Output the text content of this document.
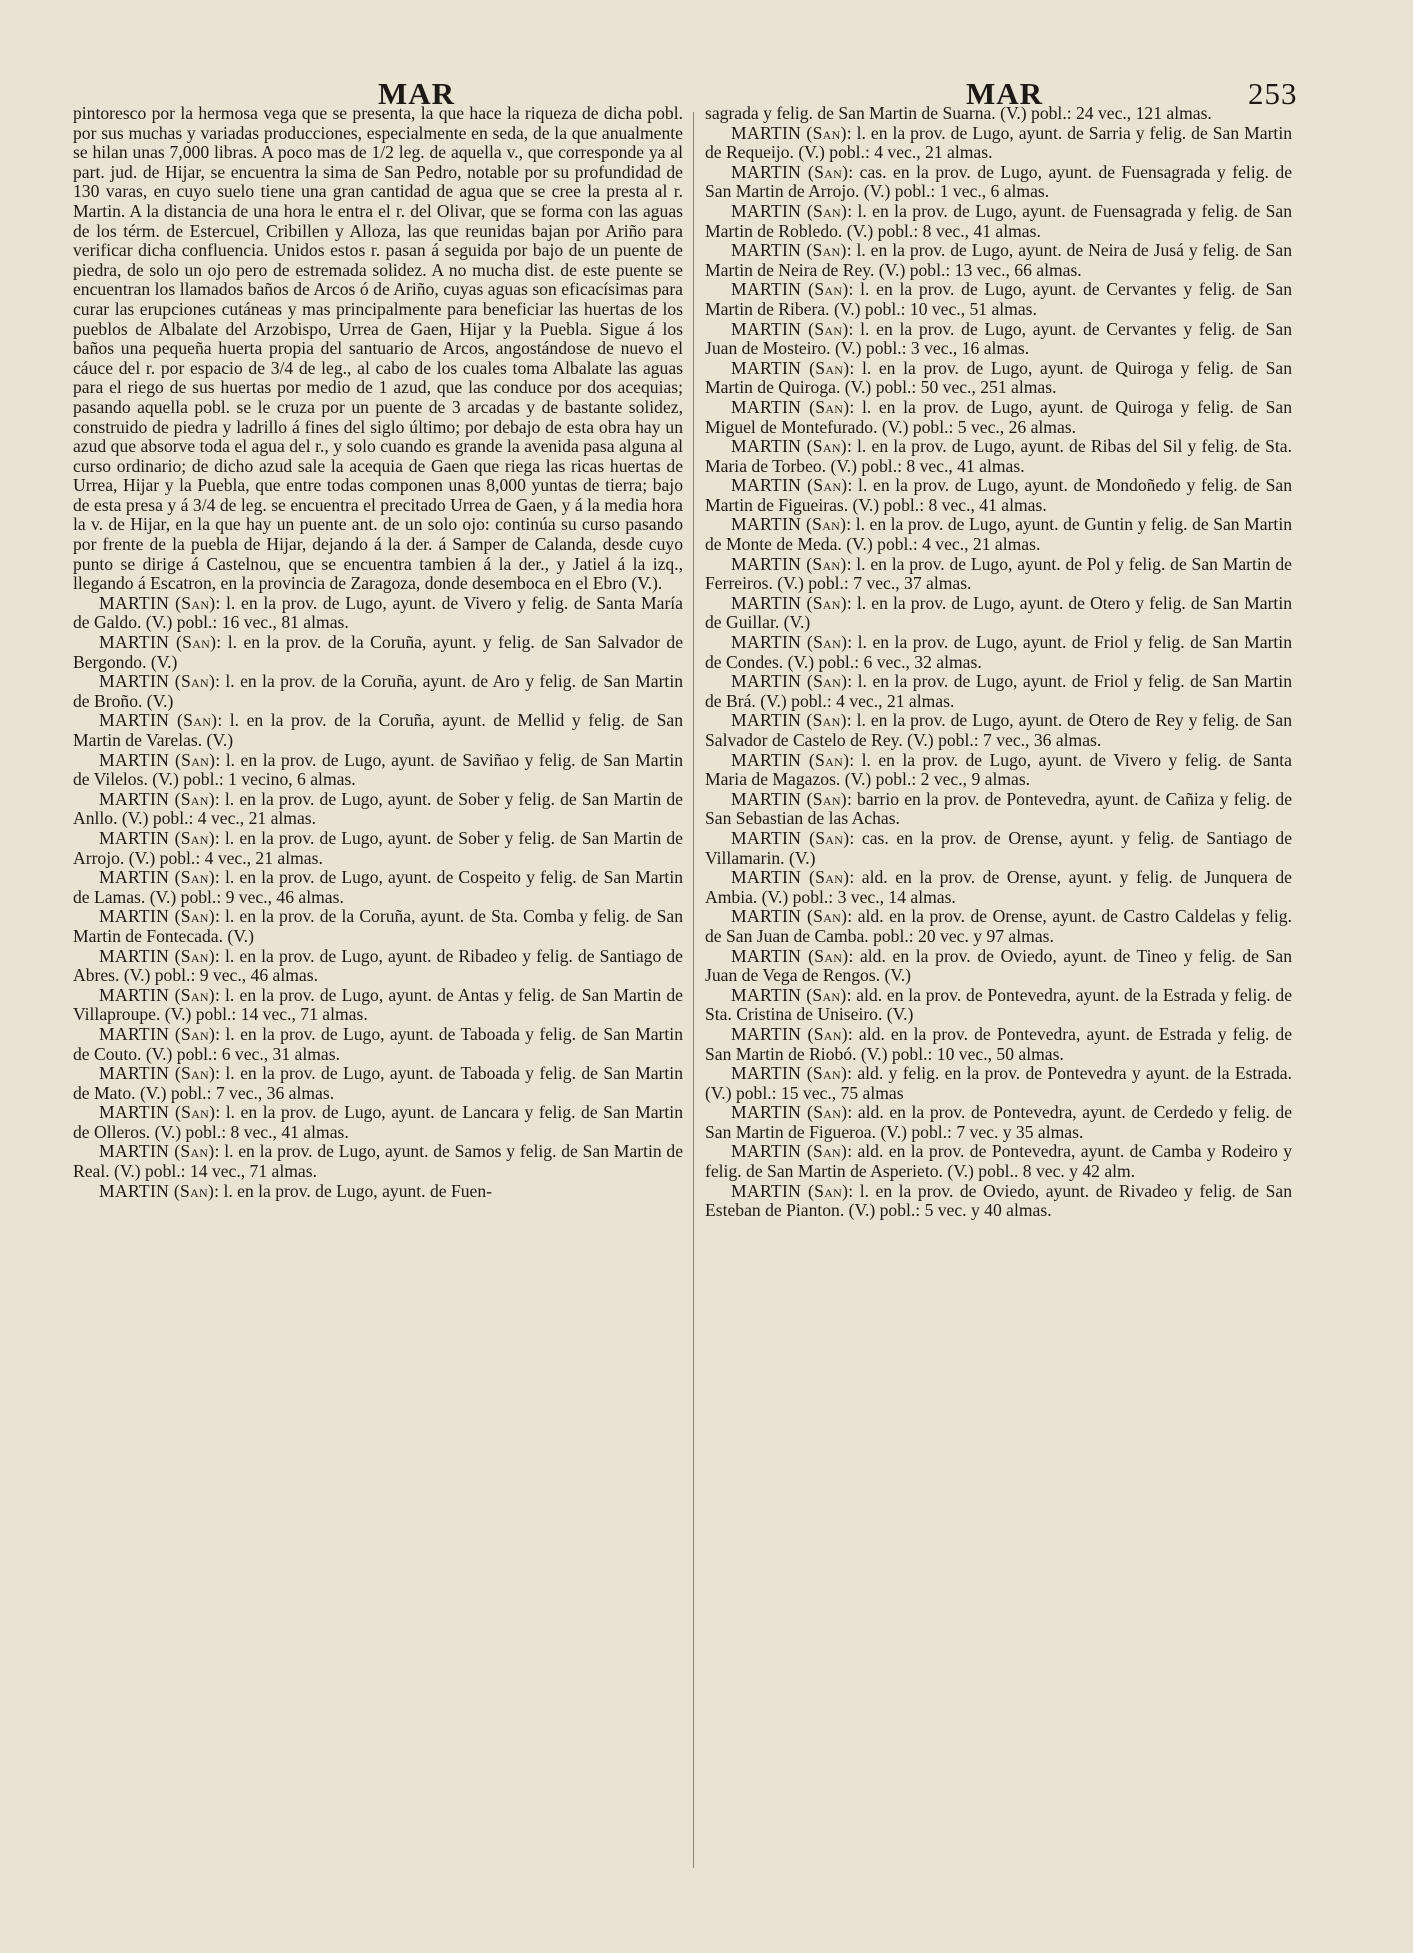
MAR	MAR	253

pintoresco por la hermosa vega que se presenta, la que hace la riqueza de dicha pobl. por sus muchas y variadas producciones, especialmente en seda, de la que anualmente se hilan unas 7,000 libras. A poco mas de 1/2 leg. de aquella v., que corresponde ya al part. jud. de Hijar, se encuentra la sima de San Pedro, notable por su profundidad de 130 varas, en cuyo suelo tiene una gran cantidad de agua que se cree la presta al r. Martin. A la distancia de una hora le entra el r. del Olivar, que se forma con las aguas de los térm. de Estercuel, Cribillen y Alloza, las que reunidas bajan por Ariño para verificar dicha confluencia. Unidos estos r. pasan á seguida por bajo de un puente de piedra, de solo un ojo pero de estremada solidez. A no mucha dist. de este puente se encuentran los llamados baños de Arcos ó de Ariño, cuyas aguas son eficacísimas para curar las erupciones cutáneas y mas principalmente para beneficiar las huertas de los pueblos de Albalate del Arzobispo, Urrea de Gaen, Hijar y la Puebla. Sigue á los baños una pequeña huerta propia del santuario de Arcos, angostándose de nuevo el cáuce del r. por espacio de 3/4 de leg., al cabo de los cuales toma Albalate las aguas para el riego de sus huertas por medio de 1 azud, que las conduce por dos acequias; pasando aquella pobl. se le cruza por un puente de 3 arcadas y de bastante solidez, construido de piedra y ladrillo á fines del siglo último; por debajo de esta obra hay un azud que absorve toda el agua del r., y solo cuando es grande la avenida pasa alguna al curso ordinario; de dicho azud sale la acequia de Gaen que riega las ricas huertas de Urrea, Hijar y la Puebla, que entre todas componen unas 8,000 yuntas de tierra; bajo de esta presa y á 3/4 de leg. se encuentra el precitado Urrea de Gaen, y á la media hora la v. de Hijar, en la que hay un puente ant. de un solo ojo: continúa su curso pasando por frente de la puebla de Hijar, dejando á la der. á Samper de Calanda, desde cuyo punto se dirige á Castelnou, que se encuentra tambien á la der., y Jatiel á la izq., llegando á Escatron, en la provincia de Zaragoza, donde desemboca en el Ebro (V.).

MARTIN (San): l. en la prov. de Lugo, ayunt. de Vivero y felig. de Santa María de Galdo. (V.) pobl.: 16 vec., 81 almas.

MARTIN (San): l. en la prov. de la Coruña, ayunt. y felig. de San Salvador de Bergondo. (V.)

MARTIN (San): l. en la prov. de la Coruña, ayunt. de Aro y felig. de San Martin de Broño. (V.)

MARTIN (San): l. en la prov. de la Coruña, ayunt. de Mellid y felig. de San Martin de Varelas. (V.)

MARTIN (San): l. en la prov. de Lugo, ayunt. de Saviñao y felig. de San Martin de Vilelos. (V.) pobl.: 1 vecino, 6 almas.

MARTIN (San): l. en la prov. de Lugo, ayunt. de Sober y felig. de San Martin de Anllo. (V.) pobl.: 4 vec., 21 almas.

MARTIN (San): l. en la prov. de Lugo, ayunt. de Sober y felig. de San Martin de Arrojo. (V.) pobl.: 4 vec., 21 almas.

MARTIN (San): l. en la prov. de Lugo, ayunt. de Cospeito y felig. de San Martin de Lamas. (V.) pobl.: 9 vec., 46 almas.

MARTIN (San): l. en la prov. de la Coruña, ayunt. de Sta. Comba y felig. de San Martin de Fontecada. (V.)

MARTIN (San): l. en la prov. de Lugo, ayunt. de Ribadeo y felig. de Santiago de Abres. (V.) pobl.: 9 vec., 46 almas.

MARTIN (San): l. en la prov. de Lugo, ayunt. de Antas y felig. de San Martin de Villaproupe. (V.) pobl.: 14 vec., 71 almas.

MARTIN (San): l. en la prov. de Lugo, ayunt. de Taboada y felig. de San Martin de Couto. (V.) pobl.: 6 vec., 31 almas.

MARTIN (San): l. en la prov. de Lugo, ayunt. de Taboada y felig. de San Martin de Mato. (V.) pobl.: 7 vec., 36 almas.

MARTIN (San): l. en la prov. de Lugo, ayunt. de Lancara y felig. de San Martin de Olleros. (V.) pobl.: 8 vec., 41 almas.

MARTIN (San): l. en la prov. de Lugo, ayunt. de Samos y felig. de San Martin de Real. (V.) pobl.: 14 vec., 71 almas.

MARTIN (San): l. en la prov. de Lugo, ayunt. de Fuen-

sagrada y felig. de San Martin de Suarna. (V.) pobl.: 24 vec., 121 almas.

MARTIN (San): l. en la prov. de Lugo, ayunt. de Sarria y felig. de San Martin de Requeijo. (V.) pobl.: 4 vec., 21 almas.

MARTIN (San): cas. en la prov. de Lugo, ayunt. de Fuensagrada y felig. de San Martin de Arrojo. (V.) pobl.: 1 vec., 6 almas.

MARTIN (San): l. en la prov. de Lugo, ayunt. de Fuensagrada y felig. de San Martin de Robledo. (V.) pobl.: 8 vec., 41 almas.

MARTIN (San): l. en la prov. de Lugo, ayunt. de Neira de Jusá y felig. de San Martin de Neira de Rey. (V.) pobl.: 13 vec., 66 almas.

MARTIN (San): l. en la prov. de Lugo, ayunt. de Cervantes y felig. de San Martin de Ribera. (V.) pobl.: 10 vec., 51 almas.

MARTIN (San): l. en la prov. de Lugo, ayunt. de Cervantes y felig. de San Juan de Mosteiro. (V.) pobl.: 3 vec., 16 almas.

MARTIN (San): l. en la prov. de Lugo, ayunt. de Quiroga y felig. de San Martin de Quiroga. (V.) pobl.: 50 vec., 251 almas.

MARTIN (San): l. en la prov. de Lugo, ayunt. de Quiroga y felig. de San Miguel de Montefurado. (V.) pobl.: 5 vec., 26 almas.

MARTIN (San): l. en la prov. de Lugo, ayunt. de Ribas del Sil y felig. de Sta. Maria de Torbeo. (V.) pobl.: 8 vec., 41 almas.

MARTIN (San): l. en la prov. de Lugo, ayunt. de Mondoñedo y felig. de San Martin de Figueiras. (V.) pobl.: 8 vec., 41 almas.

MARTIN (San): l. en la prov. de Lugo, ayunt. de Guntin y felig. de San Martin de Monte de Meda. (V.) pobl.: 4 vec., 21 almas.

MARTIN (San): l. en la prov. de Lugo, ayunt. de Pol y felig. de San Martin de Ferreiros. (V.) pobl.: 7 vec., 37 almas.

MARTIN (San): l. en la prov. de Lugo, ayunt. de Otero y felig. de San Martin de Guillar. (V.)

MARTIN (San): l. en la prov. de Lugo, ayunt. de Friol y felig. de San Martin de Condes. (V.) pobl.: 6 vec., 32 almas.

MARTIN (San): l. en la prov. de Lugo, ayunt. de Friol y felig. de San Martin de Brá. (V.) pobl.: 4 vec., 21 almas.

MARTIN (San): l. en la prov. de Lugo, ayunt. de Otero de Rey y felig. de San Salvador de Castelo de Rey. (V.) pobl.: 7 vec., 36 almas.

MARTIN (San): l. en la prov. de Lugo, ayunt. de Vivero y felig. de Santa Maria de Magazos. (V.) pobl.: 2 vec., 9 almas.

MARTIN (San): barrio en la prov. de Pontevedra, ayunt. de Cañiza y felig. de San Sebastian de las Achas.

MARTIN (San): cas. en la prov. de Orense, ayunt. y felig. de Santiago de Villamarin. (V.)

MARTIN (San): ald. en la prov. de Orense, ayunt. y felig. de Junquera de Ambia. (V.) pobl.: 3 vec., 14 almas.

MARTIN (San): ald. en la prov. de Orense, ayunt. de Castro Caldelas y felig. de San Juan de Camba. pobl.: 20 vec. y 97 almas.

MARTIN (San): ald. en la prov. de Oviedo, ayunt. de Tineo y felig. de San Juan de Vega de Rengos. (V.)

MARTIN (San): ald. en la prov. de Pontevedra, ayunt. de la Estrada y felig. de Sta. Cristina de Uniseiro. (V.)

MARTIN (San): ald. en la prov. de Pontevedra, ayunt. de Estrada y felig. de San Martin de Riobó. (V.) pobl.: 10 vec., 50 almas.

MARTIN (San): ald. y felig. en la prov. de Pontevedra y ayunt. de la Estrada. (V.) pobl.: 15 vec., 75 almas

MARTIN (San): ald. en la prov. de Pontevedra, ayunt. de Cerdedo y felig. de San Martin de Figueroa. (V.) pobl.: 7 vec. y 35 almas.

MARTIN (San): ald. en la prov. de Pontevedra, ayunt. de Camba y Rodeiro y felig. de San Martin de Asperieto. (V.) pobl.. 8 vec. y 42 alm.

MARTIN (San): l. en la prov. de Oviedo, ayunt. de Rivadeo y felig. de San Esteban de Pianton. (V.) pobl.: 5 vec. y 40 almas.
